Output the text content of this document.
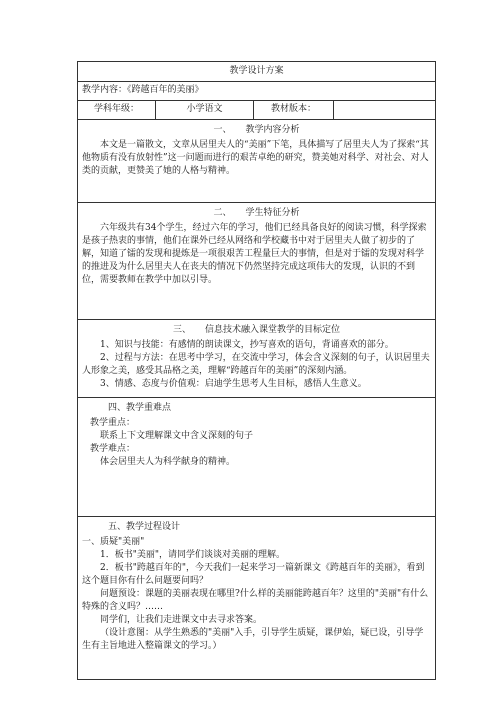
教学设计方案
教学内容：《跨越百年的美丽》
学科年级：	小学语文	教材版本：	

一、 教学内容分析

本文是一篇散文，文章从居里夫人的“美丽”下笔，具体描写了居里夫人为了探索“其他物质有没有放射性”这一问题而进行的艰苦卓绝的研究，赞美她对科学、对社会、对人类的贡献，更赞美了她的人格与精神。

二、 学生特征分析

六年级共有34个学生，经过六年的学习，他们已经具备良好的阅读习惯，科学探索是孩子热衷的事情，他们在课外已经从网络和学校藏书中对于居里夫人做了初步的了解，知道了镭的发现和提炼是一项很艰苦工程量巨大的事情，但是对于镭的发现对科学的推进及为什么居里夫人在丧夫的情况下仍然坚持完成这项伟大的发现，认识的不到位，需要教师在教学中加以引导。

三、 信息技术融入课堂教学的目标定位

1、知识与技能：有感情的朗读课文，抄写喜欢的语句，背诵喜欢的部分。

2、过程与方法：在思考中学习，在交流中学习，体会含义深刻的句子，认识居里夫人形象之美，感受其品格之美，理解“跨越百年的美丽”的深刻内涵。

3、情感、态度与价值观：启迪学生思考人生目标，感悟人生意义。

四、教学重难点

教学重点：

联系上下文理解课文中含义深刻的句子

教学难点：

体会居里夫人为科学献身的精神。

五、教学过程设计

一、质疑"美丽"

1．板书"美丽"，请同学们谈谈对美丽的理解。

2．板书"跨越百年的"，今天我们一起来学习一篇新课文《跨越百年的美丽》，看到这个题目你有什么问题要问吗？

问题预设：课题的美丽表现在哪里?什么样的美丽能跨越百年？这里的"美丽"有什么特殊的含义吗？……

同学们，让我们走进课文中去寻求答案。

（设计意图：从学生熟悉的"美丽"入手，引导学生质疑，课伊始，疑已设，引导学生有主旨地进入整篇课文的学习。）
